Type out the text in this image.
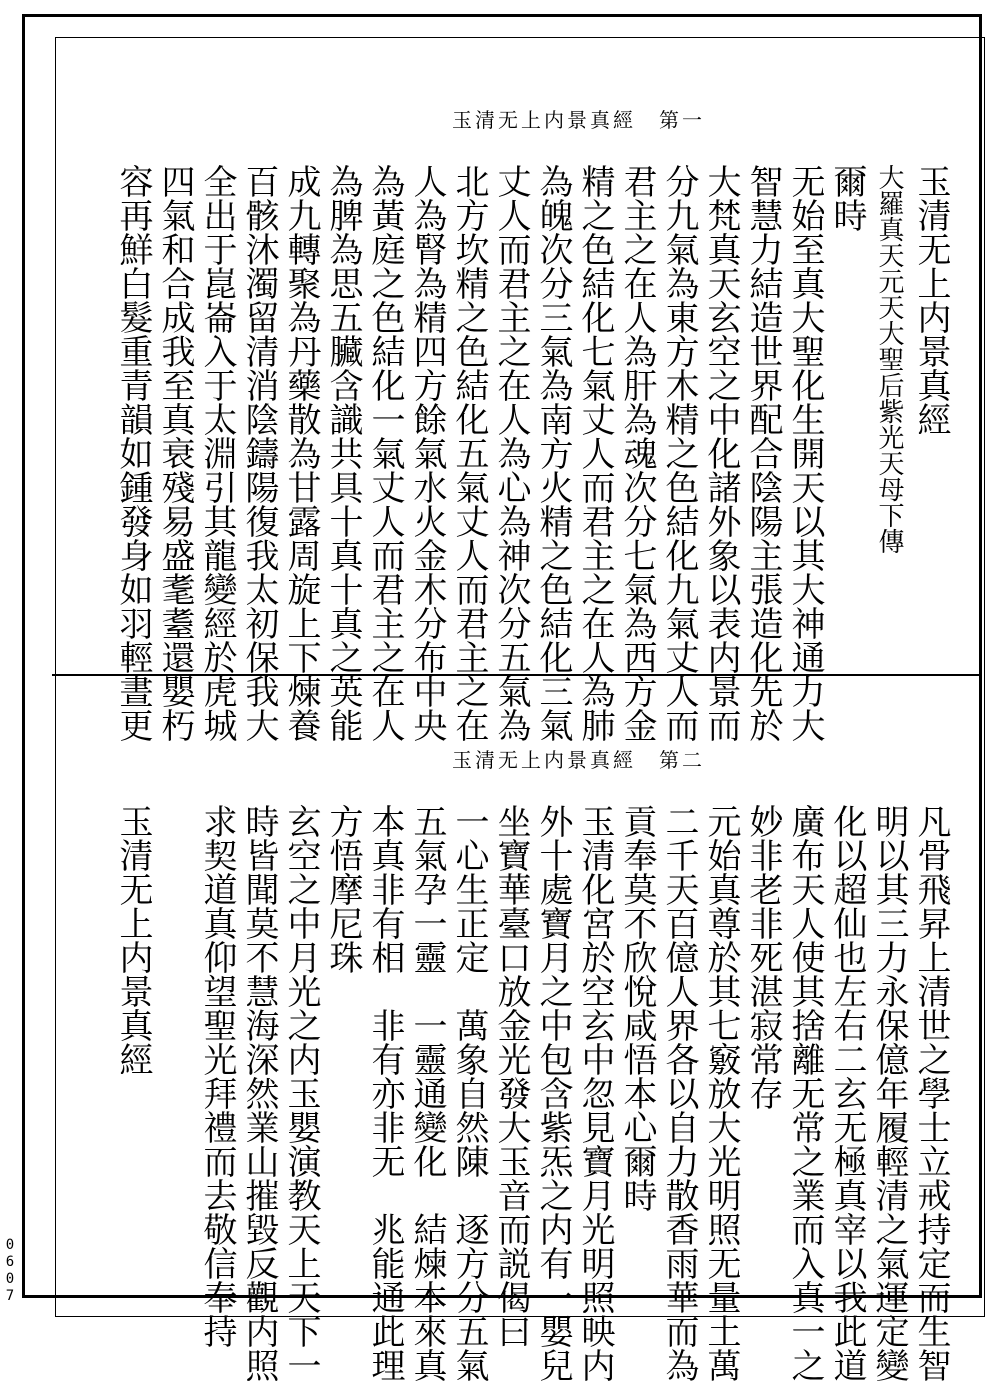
玉清无上内景真經　第一
玉清无上内景真經
大羅真天元天大聖后紫光天母下傳
爾時
无始至真大聖化生開天以其大神通力大
智慧力結造世界配合陰陽主張造化先於
大梵真天玄空之中化諸外象以表内景而
分九氣為東方木精之色結化九氣丈人而
君主之在人為肝為魂次分七氣為西方金
精之色結化七氣丈人而君主之在人為肺
為魄次分三氣為南方火精之色結化三氣
丈人而君主之在人為心為神次分五氣為
北方坎精之色結化五氣丈人而君主之在
人為腎為精四方餘氣水火金木分布中央
為黃庭之色結化一氣丈人而君主之在人
為脾為思五臟含識共具十真十真之英能
成九轉聚為丹藥散為甘露周旋上下煉養
百骸沐濁留清消陰鑄陽復我太初保我大
全出于崑崙入于太淵引其龍變經於虎城
四氣和合成我至真衰殘易盛耄耋還嬰朽
容再鮮白髮重青韻如鍾發身如羽輕晝更
玉清无上内景真經　第二
凡骨飛昇上清世之學士立戒持定而生智
明以其三力永保億年履輕清之氣運定變
化以超仙也左右二玄无極真宰以我此道
廣布天人使其捨離无常之業而入真一之
妙非老非死湛寂常存
元始真尊於其七竅放大光明照无量土萬
二千天百億人界各以自力散香雨華而為
貢奉莫不欣悅咸悟本心爾時
玉清化宮於空玄中忽見寶月光明照映内
外十處寶月之中包含紫炁之内有一嬰兒
坐寶華臺口放金光發大玉音而説偈曰
一心生正定　萬象自然陳　逐方分五氣
五氣孕一靈　一靈通變化　結煉本來真
本真非有相　非有亦非无　兆能通此理
方悟摩尼珠
玄空之中月光之内玉嬰演教天上天下一
時皆聞莫不慧海深然業山摧毀反觀内照
求契道真仰望聖光拜禮而去敬信奉持
玉清无上内景真經
0607
